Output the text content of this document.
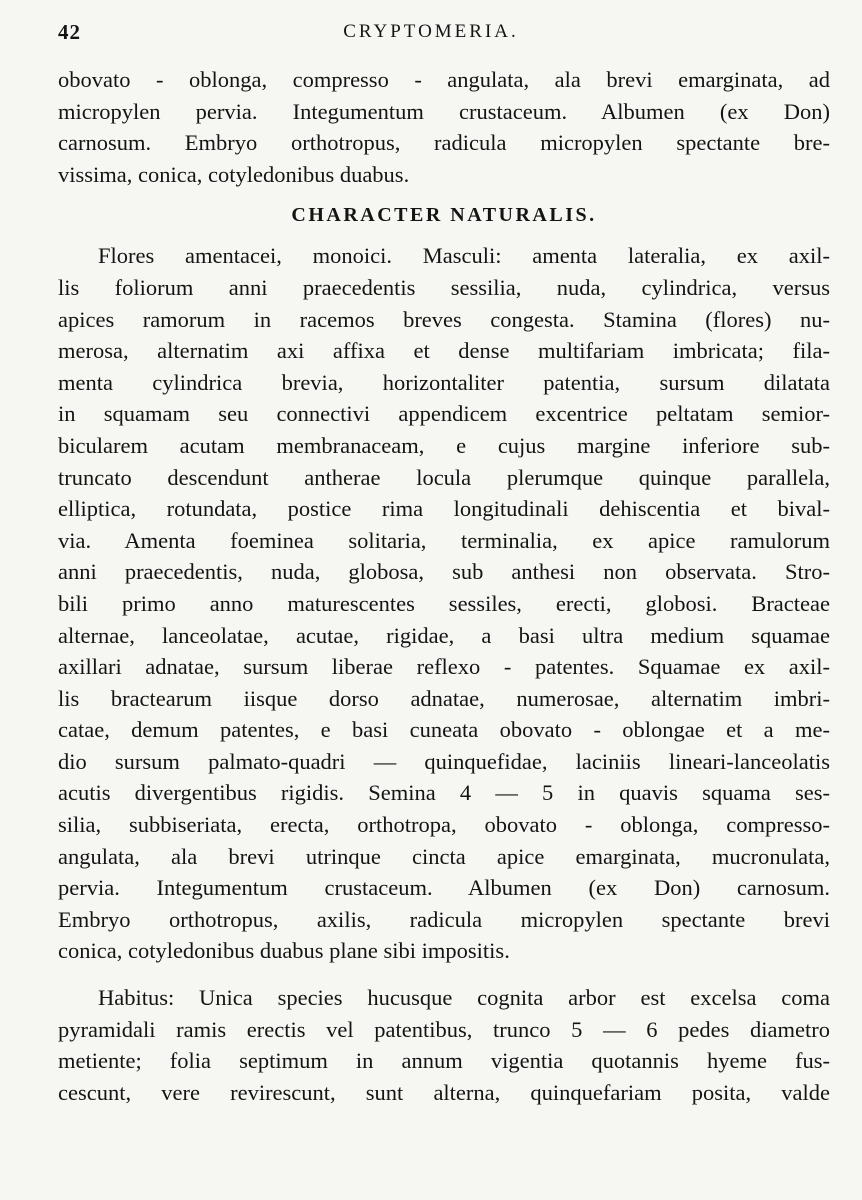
42	CRYPTOMERIA.
obovato - oblonga, compresso - angulata, ala brevi emarginata, ad
micropylen pervia. Integumentum crustaceum. Albumen (ex Don)
carnosum. Embryo orthotropus, radicula micropylen spectante bre-
vissima, conica, cotyledonibus duabus.
CHARACTER NATURALIS.
Flores amentacei, monoici. Masculi: amenta lateralia, ex axil-
lis foliorum anni praecedentis sessilia, nuda, cylindrica, versus
apices ramorum in racemos breves congesta. Stamina (flores) nu-
merosa, alternatim axi affixa et dense multifariam imbricata; fila-
menta cylindrica brevia, horizontaliter patentia, sursum dilatata
in squamam seu connectivi appendicem excentrice peltatam semior-
bicularem acutam membranaceam, e cujus margine inferiore sub-
truncato descendunt antherae locula plerumque quinque parallela,
elliptica, rotundata, postice rima longitudinali dehiscentia et bival-
via. Amenta foeminea solitaria, terminalia, ex apice ramulorum
anni praecedentis, nuda, globosa, sub anthesi non observata. Stro-
bili primo anno maturescentes sessiles, erecti, globosi. Bracteae
alternae, lanceolatae, acutae, rigidae, a basi ultra medium squamae
axillari adnatae, sursum liberae reflexo - patentes. Squamae ex axil-
lis bractearum iisque dorso adnatae, numerosae, alternatim imbri-
catae, demum patentes, e basi cuneata obovato - oblongae et a me-
dio sursum palmato-quadri — quinquefidae, laciniis lineari-lanceolatis
acutis divergentibus rigidis. Semina 4 — 5 in quavis squama ses-
silia, subbiseriata, erecta, orthotropa, obovato - oblonga, compresso-
angulata, ala brevi utrinque cincta apice emarginata, mucronulata,
pervia. Integumentum crustaceum. Albumen (ex Don) carnosum.
Embryo orthotropus, axilis, radicula micropylen spectante brevi
conica, cotyledonibus duabus plane sibi impositis.
Habitus: Unica species hucusque cognita arbor est excelsa coma
pyramidali ramis erectis vel patentibus, trunco 5 — 6 pedes diametro
metiente; folia septimum in annum vigentia quotannis hyeme fus-
cescunt, vere revirescunt, sunt alterna, quinquefariam posita, valde
